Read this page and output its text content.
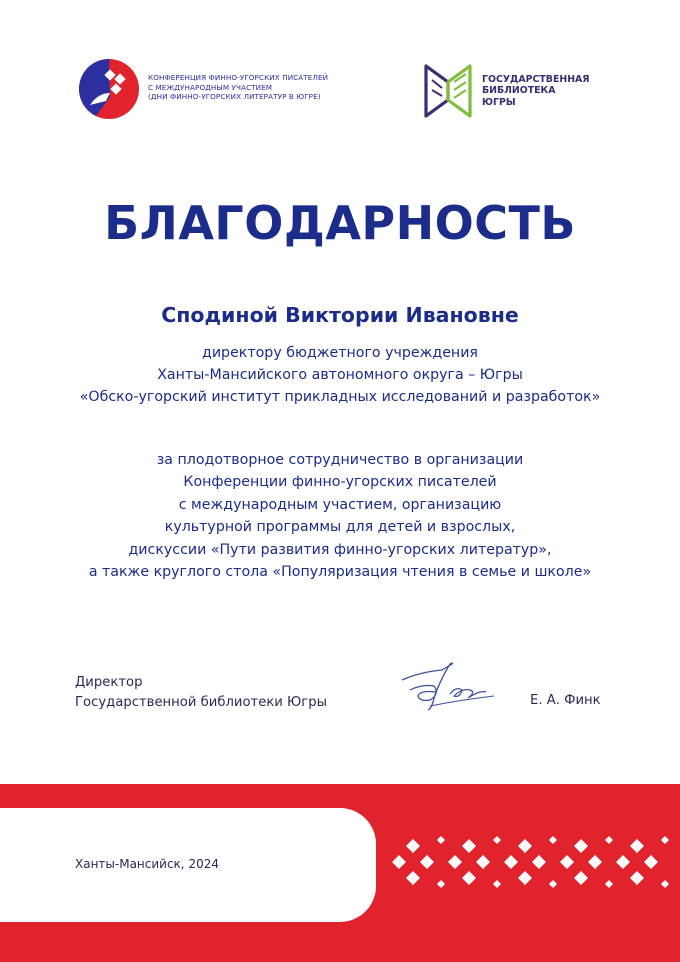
КОНФЕРЕНЦИЯ ФИННО-УГОРСКИХ ПИСАТЕЛЕЙ
С МЕЖДУНАРОДНЫМ УЧАСТИЕМ
(ДНИ ФИННО-УГОРСКИХ ЛИТЕРАТУР В ЮГРЕ)
ГОСУДАРСТВЕННАЯ
БИБЛИОТЕКА
ЮГРЫ
БЛАГОДАРНОСТЬ
Сподиной Виктории Ивановне
директору бюджетного учреждения
Ханты-Мансийского автономного округа – Югры
«Обско-угорский институт прикладных исследований и разработок»
за плодотворное сотрудничество в организации
Конференции финно-угорских писателей
с международным участием, организацию
культурной программы для детей и взрослых,
дискуссии «Пути развития финно-угорских литератур»,
а также круглого стола «Популяризация чтения в семье и школе»
Директор
Государственной библиотеки Югры	Е. А. Финк
Ханты-Мансийск, 2024
